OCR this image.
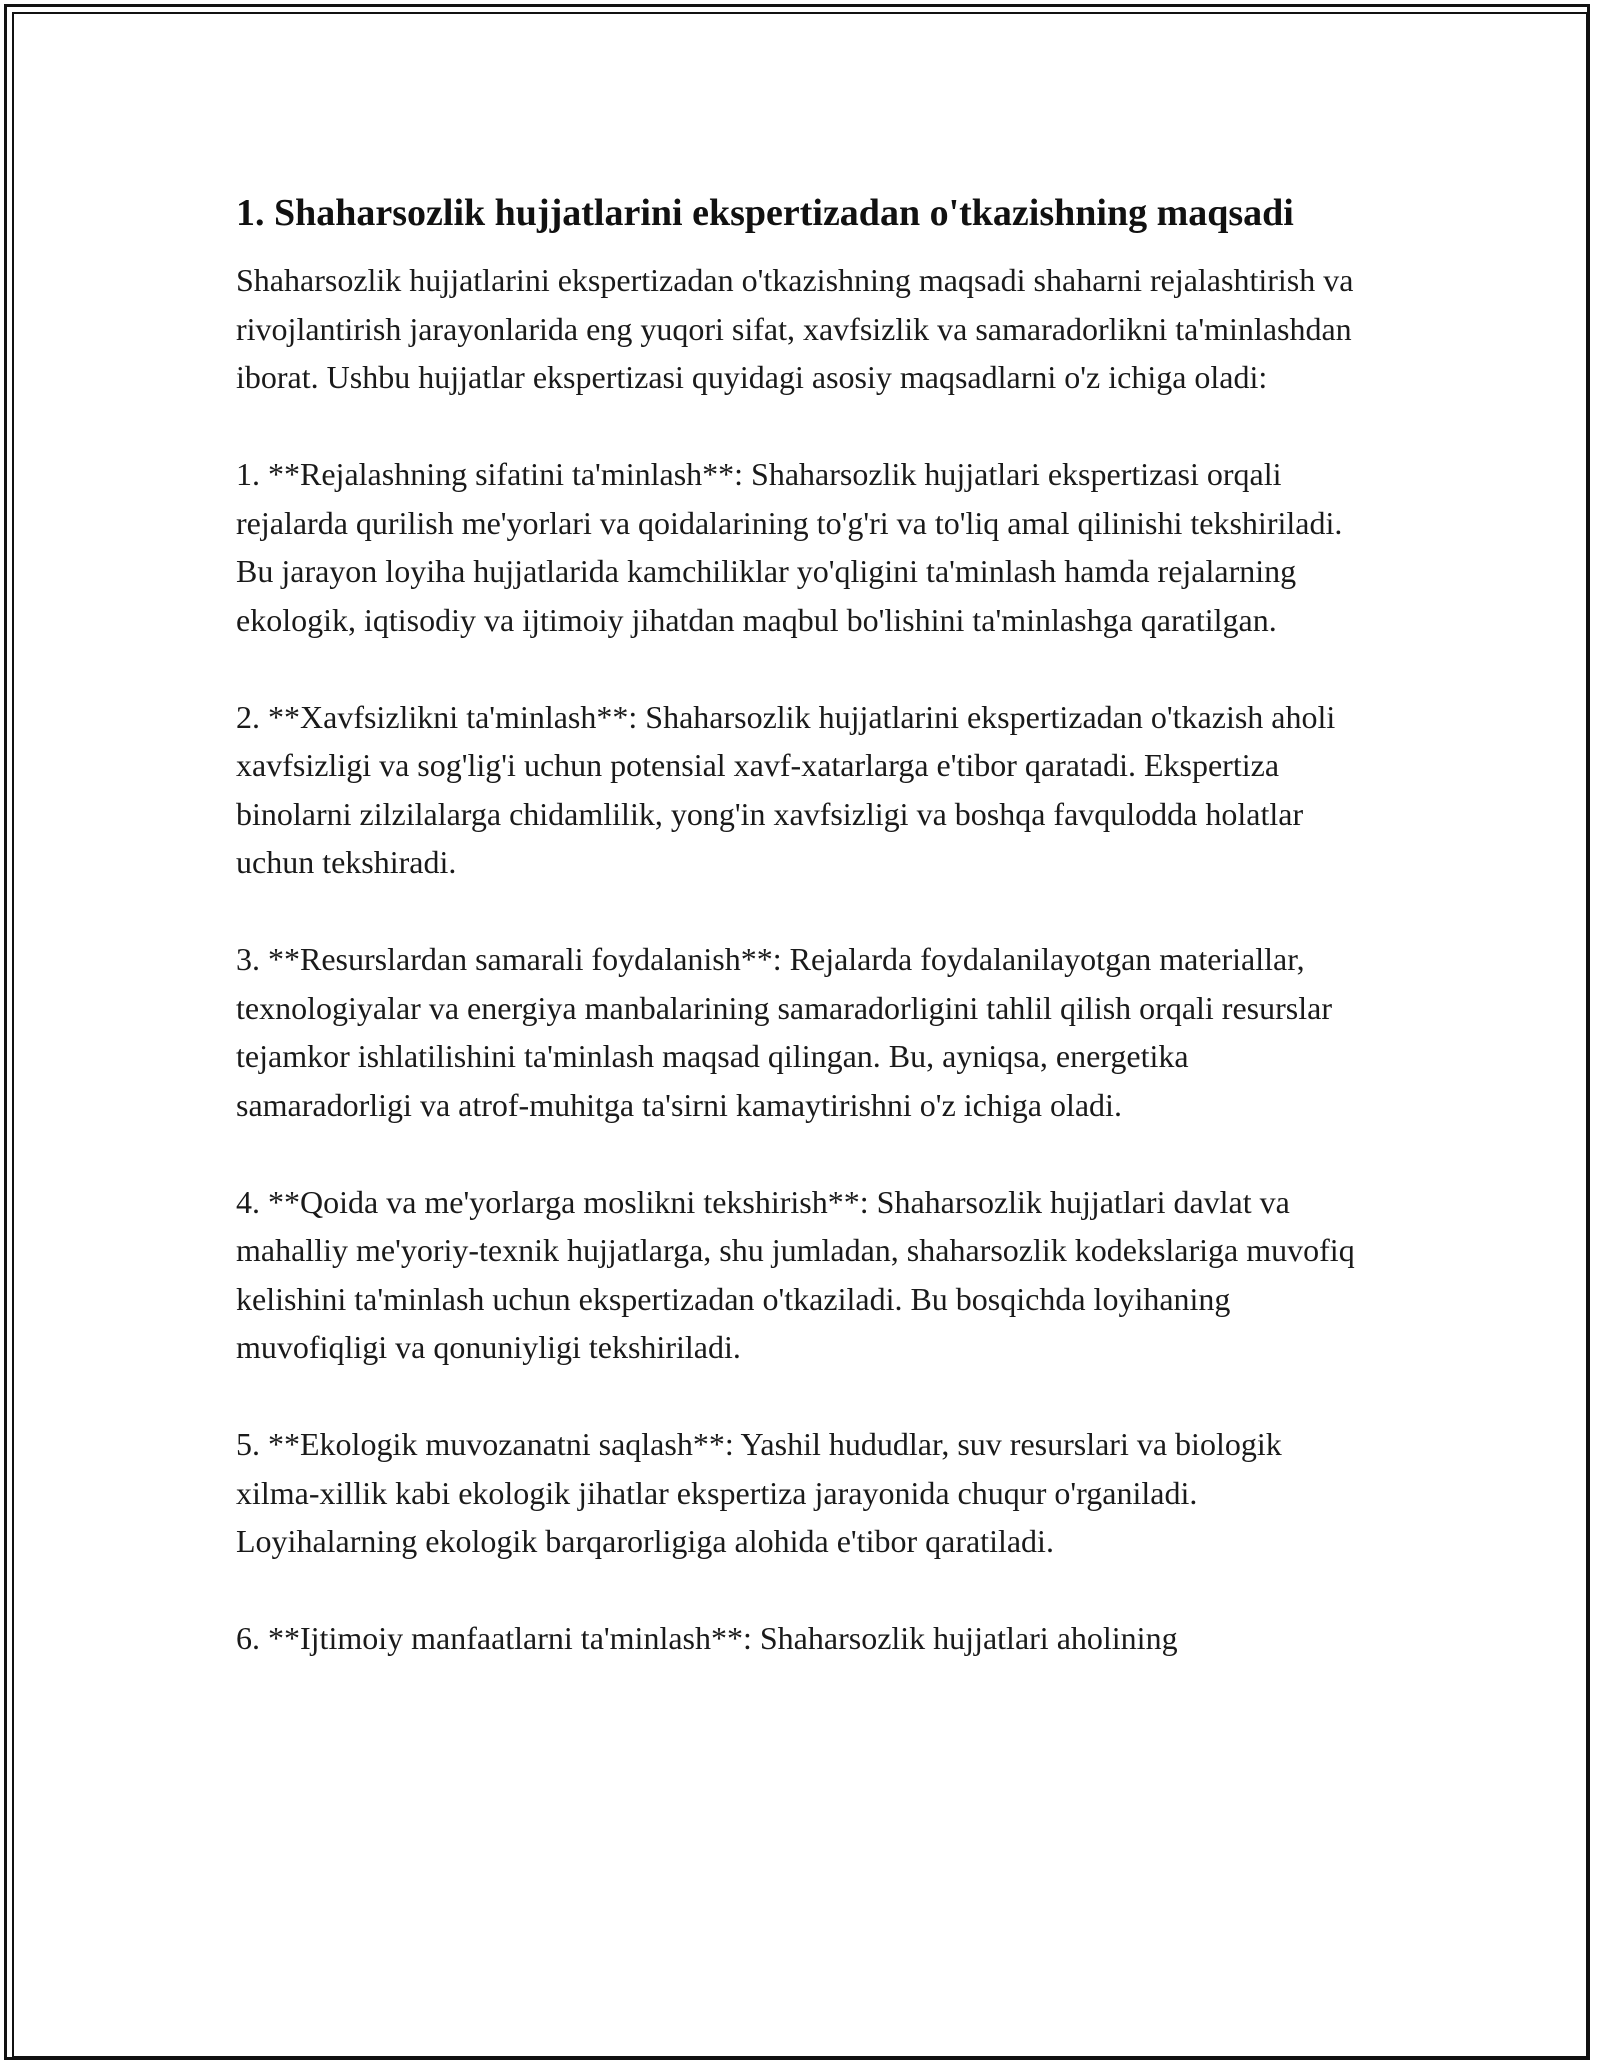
1. Shaharsozlik hujjatlarini ekspertizadan o'tkazishning maqsadi

Shaharsozlik hujjatlarini ekspertizadan o'tkazishning maqsadi shaharni rejalashtirish va rivojlantirish jarayonlarida eng yuqori sifat, xavfsizlik va samaradorlikni ta'minlashdan iborat. Ushbu hujjatlar ekspertizasi quyidagi asosiy maqsadlarni o'z ichiga oladi:

1. **Rejalashning sifatini ta'minlash**: Shaharsozlik hujjatlari ekspertizasi orqali rejalarda qurilish me'yorlari va qoidalarining to'g'ri va to'liq amal qilinishi tekshiriladi. Bu jarayon loyiha hujjatlarida kamchiliklar yo'qligini ta'minlash hamda rejalarning ekologik, iqtisodiy va ijtimoiy jihatdan maqbul bo'lishini ta'minlashga qaratilgan.

2. **Xavfsizlikni ta'minlash**: Shaharsozlik hujjatlarini ekspertizadan o'tkazish aholi xavfsizligi va sog'lig'i uchun potensial xavf-xatarlarga e'tibor qaratadi. Ekspertiza binolarni zilzilalarga chidamlilik, yong'in xavfsizligi va boshqa favqulodda holatlar uchun tekshiradi.

3. **Resurslardan samarali foydalanish**: Rejalarda foydalanilayotgan materiallar, texnologiyalar va energiya manbalarining samaradorligini tahlil qilish orqali resurslar tejamkor ishlatilishini ta'minlash maqsad qilingan. Bu, ayniqsa, energetika samaradorligi va atrof-muhitga ta'sirni kamaytirishni o'z ichiga oladi.

4. **Qoida va me'yorlarga moslikni tekshirish**: Shaharsozlik hujjatlari davlat va mahalliy me'yoriy-texnik hujjatlarga, shu jumladan, shaharsozlik kodekslariga muvofiq kelishini ta'minlash uchun ekspertizadan o'tkaziladi. Bu bosqichda loyihaning muvofiqligi va qonuniyligi tekshiriladi.

5. **Ekologik muvozanatni saqlash**: Yashil hududlar, suv resurslari va biologik xilma-xillik kabi ekologik jihatlar ekspertiza jarayonida chuqur o'rganiladi. Loyihalarning ekologik barqarorligiga alohida e'tibor qaratiladi.

6. **Ijtimoiy manfaatlarni ta'minlash**: Shaharsozlik hujjatlari aholining
